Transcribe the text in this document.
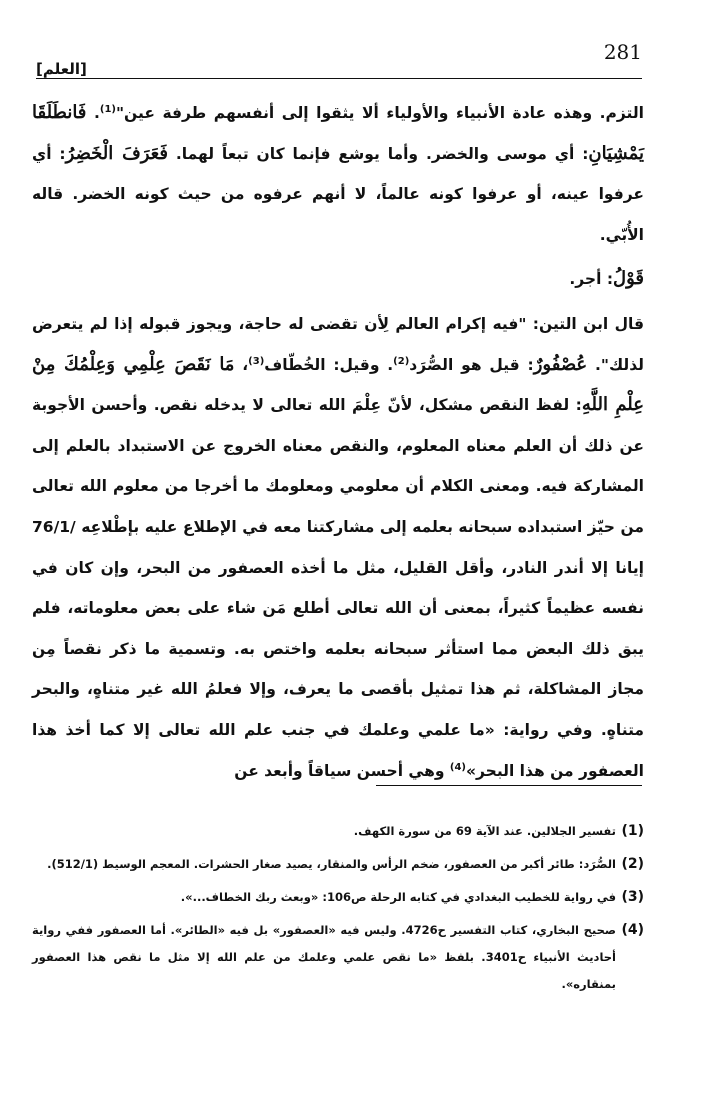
281
[العلم]

التزم. وهذه عادة الأنبياء والأولياء ألا يثقوا إلى أنفسهم طرفة عين"$^{(1)}$. فَانطَلَقَا يَمْشِيَانِ: أي موسى والخضر. وأما يوشع فإنما كان تبعاً لهما. فَعَرَفَ الْخَضِرُ: أي عرفوا عينه، أو عرفوا كونه عالماً، لا أنهم عرفوه من حيث كونه الخضر. قاله الأُبّي.

قَوْلُ: أجر.

قال ابن التين: "فيه إكرام العالم لِأن تقضى له حاجة، ويجوز قبوله إذا لم يتعرض لذلك". عُصْفُورٌ: قيل هو الصُّرَد$^{(2)}$. وقيل: الخُطّاف$^{(3)}$، مَا نَقَصَ عِلْمِي وَعِلْمُكَ مِنْ عِلْمِ اللَّهِ: لفظ النقص مشكل، لأنّ عِلْمَ الله تعالى لا يدخله نقص. وأحسن الأجوبة عن ذلك أن العلم معناه المعلوم، والنقص معناه الخروج عن الاستبداد بالعلم إلى المشاركة فيه. ومعنى الكلام أن معلومي ومعلومك ما أخرجا من معلوم الله تعالى من حيّز استبداده سبحانه بعلمه إلى مشاركتنا معه في الإطلاع عليه بإطْلاعِه /76/1 إيانا إلا أندر النادر، وأقل القليل، مثل ما أخذه العصفور من البحر، وإن كان في نفسه عظيماً كثيراً، بمعنى أن الله تعالى أطلع مَن شاء على بعض معلوماته، فلم يبق ذلك البعض مما استأثر سبحانه بعلمه واختص به. وتسمية ما ذكر نقصاً مِن مجاز المشاكلة، ثم هذا تمثيل بأقصى ما يعرف، وإلا فعلمُ الله غير متناهٍ، والبحر متناهٍ. وفي رواية: «ما علمي وعلمك في جنب علم الله تعالى إلا كما أخذ هذا العصفور من هذا البحر»$^{(4)}$ وهي أحسن سياقاً وأبعد عن

(1)
تفسير الجلالين. عند الآية 69 من سورة الكهف.
(2)
الصُّرَد: طائر أكبر من العصفور، ضخم الرأس والمنقار، يصيد صغار الحشرات. المعجم الوسيط (512/1).
(3)
في رواية للخطيب البغدادي في كتابه الرحلة ص106: «وبعث ربك الخطاف...».
(4)
صحيح البخاري، كتاب التفسير ح4726. وليس فيه «العصفور» بل فيه «الطائر». أما العصفور ففي رواية أحاديث الأنبياء ح3401. بلفظ «ما نقص علمي وعلمك من علم الله إلا مثل ما نقص هذا العصفور بمنقاره».
